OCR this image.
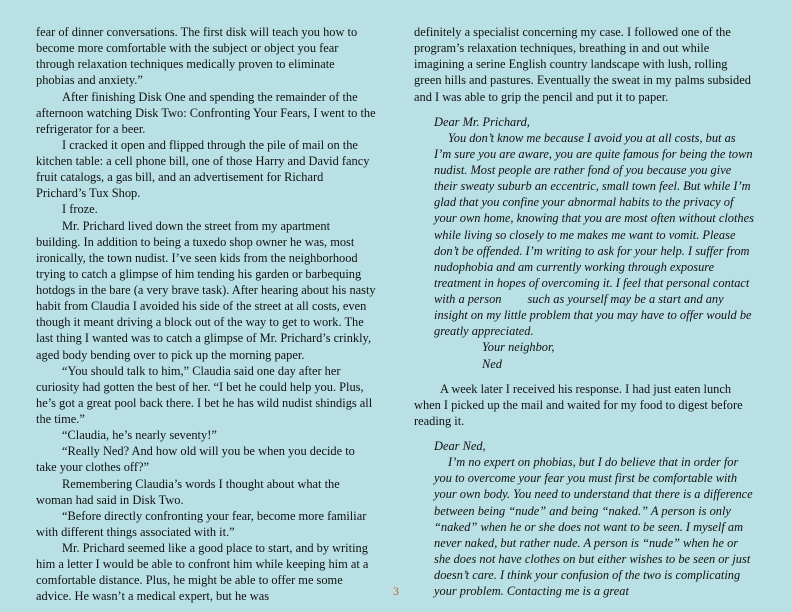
fear of dinner conversations. The first disk will teach you how to become more comfortable with the subject or object you fear through relaxation techniques medically proven to eliminate phobias and anxiety.”

After finishing Disk One and spending the remainder of the afternoon watching Disk Two: Confronting Your Fears, I went to the refrigerator for a beer.

I cracked it open and flipped through the pile of mail on the kitchen table: a cell phone bill, one of those Harry and David fancy fruit catalogs, a gas bill, and an advertisement for Richard Prichard’s Tux Shop.

I froze.

Mr. Prichard lived down the street from my apartment building. In addition to being a tuxedo shop owner he was, most ironically, the town nudist. I’ve seen kids from the neighborhood trying to catch a glimpse of him tending his garden or barbequing hotdogs in the bare (a very brave task). After hearing about his nasty habit from Claudia I avoided his side of the street at all costs, even though it meant driving a block out of the way to get to work. The last thing I wanted was to catch a glimpse of Mr. Prichard’s crinkly, aged body bending over to pick up the morning paper.

“You should talk to him,” Claudia said one day after her curiosity had gotten the best of her. “I bet he could help you. Plus, he’s got a great pool back there. I bet he has wild nudist shindigs all the time.”

“Claudia, he’s nearly seventy!”

“Really Ned? And how old will you be when you decide to take your clothes off?”

Remembering Claudia’s words I thought about what the woman had said in Disk Two.

“Before directly confronting your fear, become more familiar with different things associated with it.”

Mr. Prichard seemed like a good place to start, and by writing him a letter I would be able to confront him while keeping him at a comfortable distance. Plus, he might be able to offer me some advice. He wasn’t a medical expert, but he was

definitely a specialist concerning my case. I followed one of the program’s relaxation techniques, breathing in and out while imagining a serine English country landscape with lush, rolling green hills and pastures. Eventually the sweat in my palms subsided and I was able to grip the pencil and put it to paper.

Dear Mr. Prichard,

You don’t know me because I avoid you at all costs, but as I’m sure you are aware, you are quite famous for being the town nudist. Most people are rather fond of you because you give their sweaty suburb an eccentric, small town feel. But while I’m glad that you confine your abnormal habits to the privacy of your own home, knowing that you are most often without clothes while living so closely to me makes me want to vomit. Please don’t be offended. I’m writing to ask for your help. I suffer from nudophobia and am currently working through exposure treatment in hopes of overcoming it. I feel that personal contact with a person such as yourself may be a start and any insight on my little problem that you may have to offer would be greatly appreciated.

Your neighbor,

Ned

A week later I received his response. I had just eaten lunch when I picked up the mail and waited for my food to digest before reading it.

Dear Ned,

I’m no expert on phobias, but I do believe that in order for you to overcome your fear you must first be comfortable with your own body. You need to understand that there is a difference between being “nude” and being “naked.” A person is only “naked” when he or she does not want to be seen. I myself am never naked, but rather nude. A person is “nude” when he or she does not have clothes on but either wishes to be seen or just doesn’t care. I think your confusion of the two is complicating your problem. Contacting me is a great

3
